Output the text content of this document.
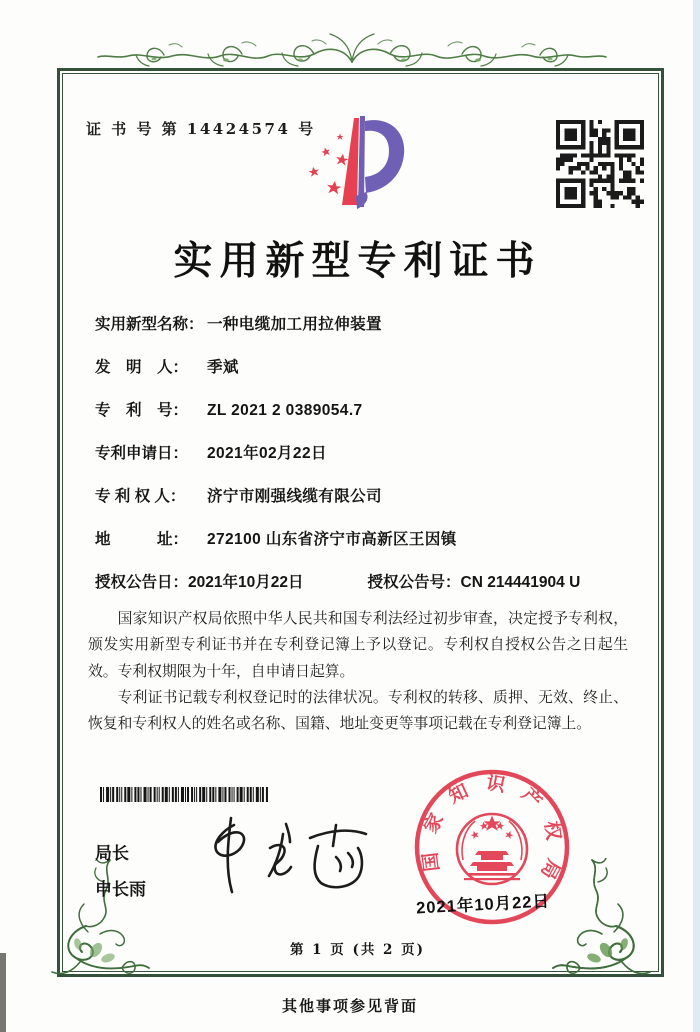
证 书 号 第 14424574 号
实用新型专利证书
实用新型名称： 一种电缆加工用拉伸装置
发　明　人： 季斌
专　利　号： ZL 2021 2 0389054.7
专利申请日： 2021年02月22日
专 利 权 人： 济宁市刚强线缆有限公司
地　　　址： 272100 山东省济宁市高新区王因镇
授权公告日：2021年10月22日	授权公告号：CN 214441904 U

国家知识产权局依照中华人民共和国专利法经过初步审查，决定授予专利权，颁发实用新型专利证书并在专利登记簿上予以登记。专利权自授权公告之日起生效。专利权期限为十年，自申请日起算。

专利证书记载专利权登记时的法律状况。专利权的转移、质押、无效、终止、恢复和专利权人的姓名或名称、国籍、地址变更等事项记载在专利登记簿上。

局长
申长雨
国家知识产权局
2021年10月22日
第 1 页 (共 2 页)
其他事项参见背面
